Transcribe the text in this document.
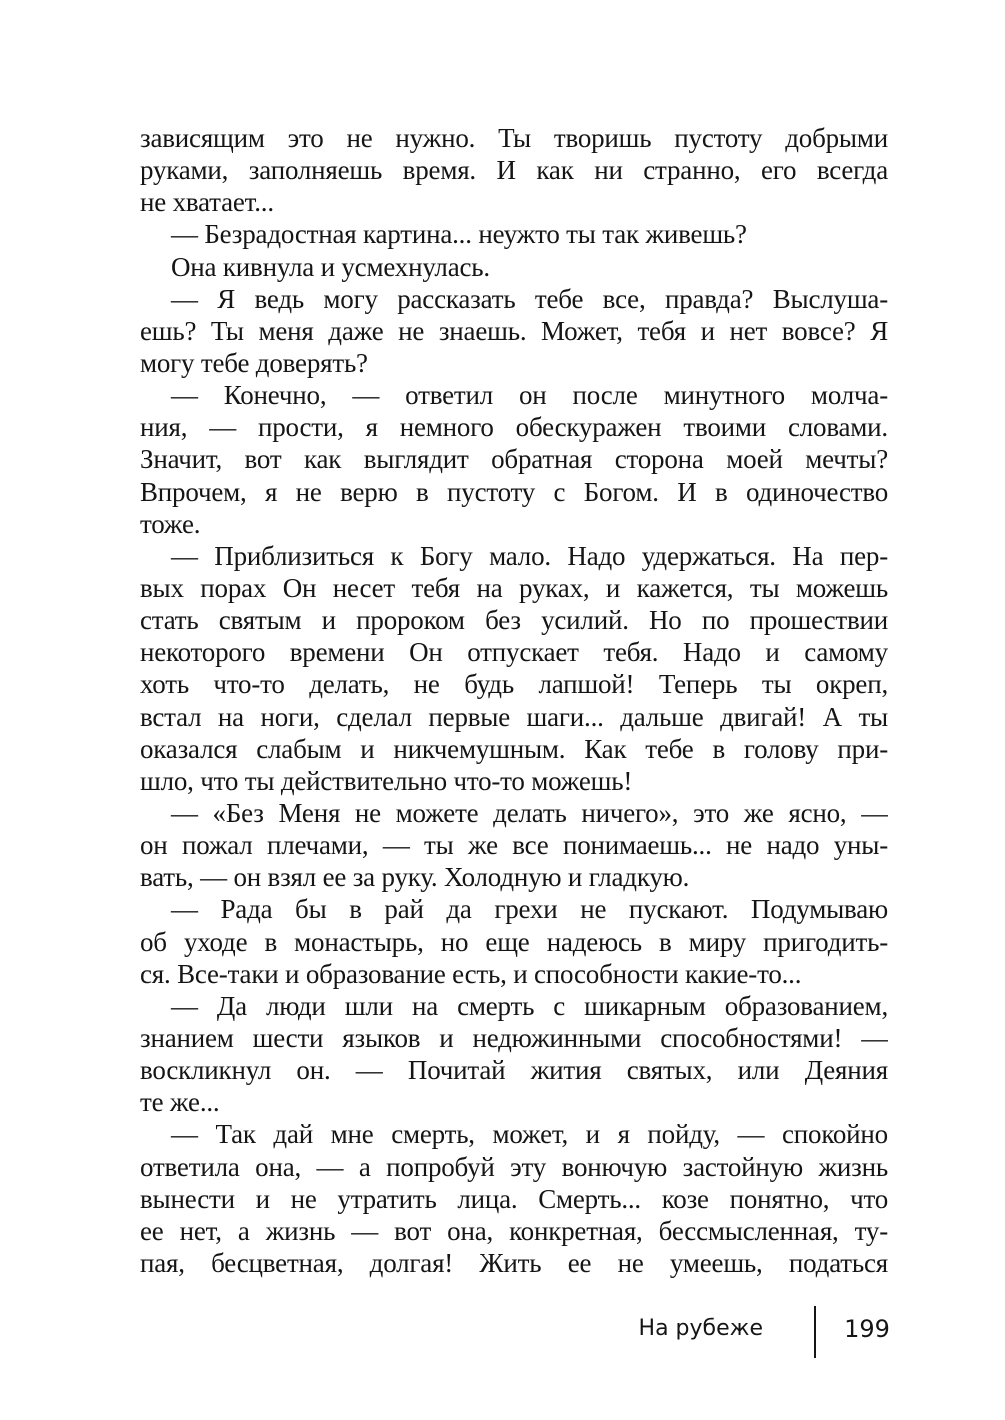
зависящим это не нужно. Ты творишь пустоту добрыми
руками, заполняешь время. И как ни странно, его всегда
не хватает...
— Безрадостная картина... неужто ты так живешь?
Она кивнула и усмехнулась.
— Я ведь могу рассказать тебе все, правда? Выслуша-
ешь? Ты меня даже не знаешь. Может, тебя и нет вовсе? Я
могу тебе доверять?
— Конечно, — ответил он после минутного молча-
ния, — прости, я немного обескуражен твоими словами.
Значит, вот как выглядит обратная сторона моей мечты?
Впрочем, я не верю в пустоту с Богом. И в одиночество
тоже.
— Приблизиться к Богу мало. Надо удержаться. На пер-
вых порах Он несет тебя на руках, и кажется, ты можешь
стать святым и пророком без усилий. Но по прошествии
некоторого времени Он отпускает тебя. Надо и самому
хоть что-то делать, не будь лапшой! Теперь ты окреп,
встал на ноги, сделал первые шаги... дальше двигай! А ты
оказался слабым и никчемушным. Как тебе в голову при-
шло, что ты действительно что-то можешь!
— «Без Меня не можете делать ничего», это же ясно, —
он пожал плечами, — ты же все понимаешь... не надо уны-
вать, — он взял ее за руку. Холодную и гладкую.
— Рада бы в рай да грехи не пускают. Подумываю
об уходе в монастырь, но еще надеюсь в миру пригодить-
ся. Все-таки и образование есть, и способности какие-то...
— Да люди шли на смерть с шикарным образованием,
знанием шести языков и недюжинными способностями! —
воскликнул он. — Почитай жития святых, или Деяния
те же...
— Так дай мне смерть, может, и я пойду, — спокойно
ответила она, — а попробуй эту вонючую застойную жизнь
вынести и не утратить лица. Смерть... козе понятно, что
ее нет, а жизнь — вот она, конкретная, бессмысленная, ту-
пая, бесцветная, долгая! Жить ее не умеешь, податься
На рубеже	199
